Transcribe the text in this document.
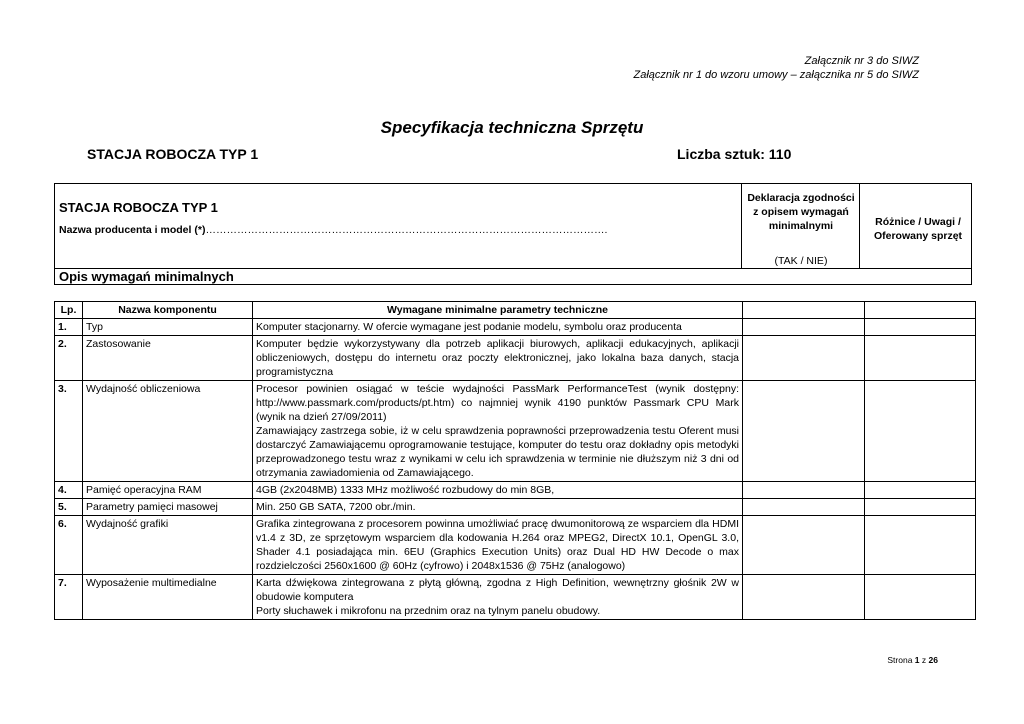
Załącznik nr 3 do SIWZ
Załącznik nr 1 do wzoru umowy – załącznika nr 5 do SIWZ
Specyfikacja techniczna Sprzętu
STACJA ROBOCZA TYP 1	Liczba sztuk: 110
STACJA ROBOCZA TYP 1
Nazwa producenta i model (*)…………………………………………………………………………………………………….
Deklaracja zgodności z opisem wymagań minimalnymi
(TAK / NIE)
Różnice / Uwagi / Oferowany sprzęt
Opis wymagań minimalnych
Lp.	Nazwa komponentu	Wymagane minimalne parametry techniczne		
1.	Typ	Komputer stacjonarny. W ofercie wymagane jest podanie modelu, symbolu oraz producenta		
2.	Zastosowanie	Komputer będzie wykorzystywany dla potrzeb aplikacji biurowych, aplikacji edukacyjnych, aplikacji obliczeniowych, dostępu do internetu oraz poczty elektronicznej, jako lokalna baza danych, stacja programistyczna		
3.	Wydajność obliczeniowa	Procesor powinien osiągać w teście wydajności PassMark PerformanceTest (wynik dostępny: http://www.passmark.com/products/pt.htm) co najmniej wynik 4190 punktów Passmark CPU Mark (wynik na dzień 27/09/2011)
Zamawiający zastrzega sobie, iż w celu sprawdzenia poprawności przeprowadzenia testu Oferent musi dostarczyć Zamawiającemu oprogramowanie testujące, komputer do testu oraz dokładny opis metodyki przeprowadzonego testu wraz z wynikami w celu ich sprawdzenia w terminie nie dłuższym niż 3 dni od otrzymania zawiadomienia od Zamawiającego.		
4.	Pamięć operacyjna RAM	4GB (2x2048MB) 1333 MHz możliwość rozbudowy do min 8GB,		
5.	Parametry pamięci masowej	Min. 250 GB SATA, 7200 obr./min.		
6.	Wydajność grafiki	Grafika zintegrowana z procesorem powinna umożliwiać pracę dwumonitorową ze wsparciem dla HDMI v1.4 z 3D, ze sprzętowym wsparciem dla kodowania H.264 oraz MPEG2, DirectX 10.1, OpenGL 3.0, Shader 4.1 posiadająca min. 6EU (Graphics Execution Units) oraz Dual HD HW Decode o max rozdzielczości 2560x1600 @ 60Hz (cyfrowo) i 2048x1536 @ 75Hz (analogowo)		
7.	Wyposażenie multimedialne	Karta dźwiękowa zintegrowana z płytą główną, zgodna z High Definition, wewnętrzny głośnik 2W w obudowie komputera
Porty słuchawek i mikrofonu na przednim oraz na tylnym panelu obudowy.		
Strona 1 z 26
